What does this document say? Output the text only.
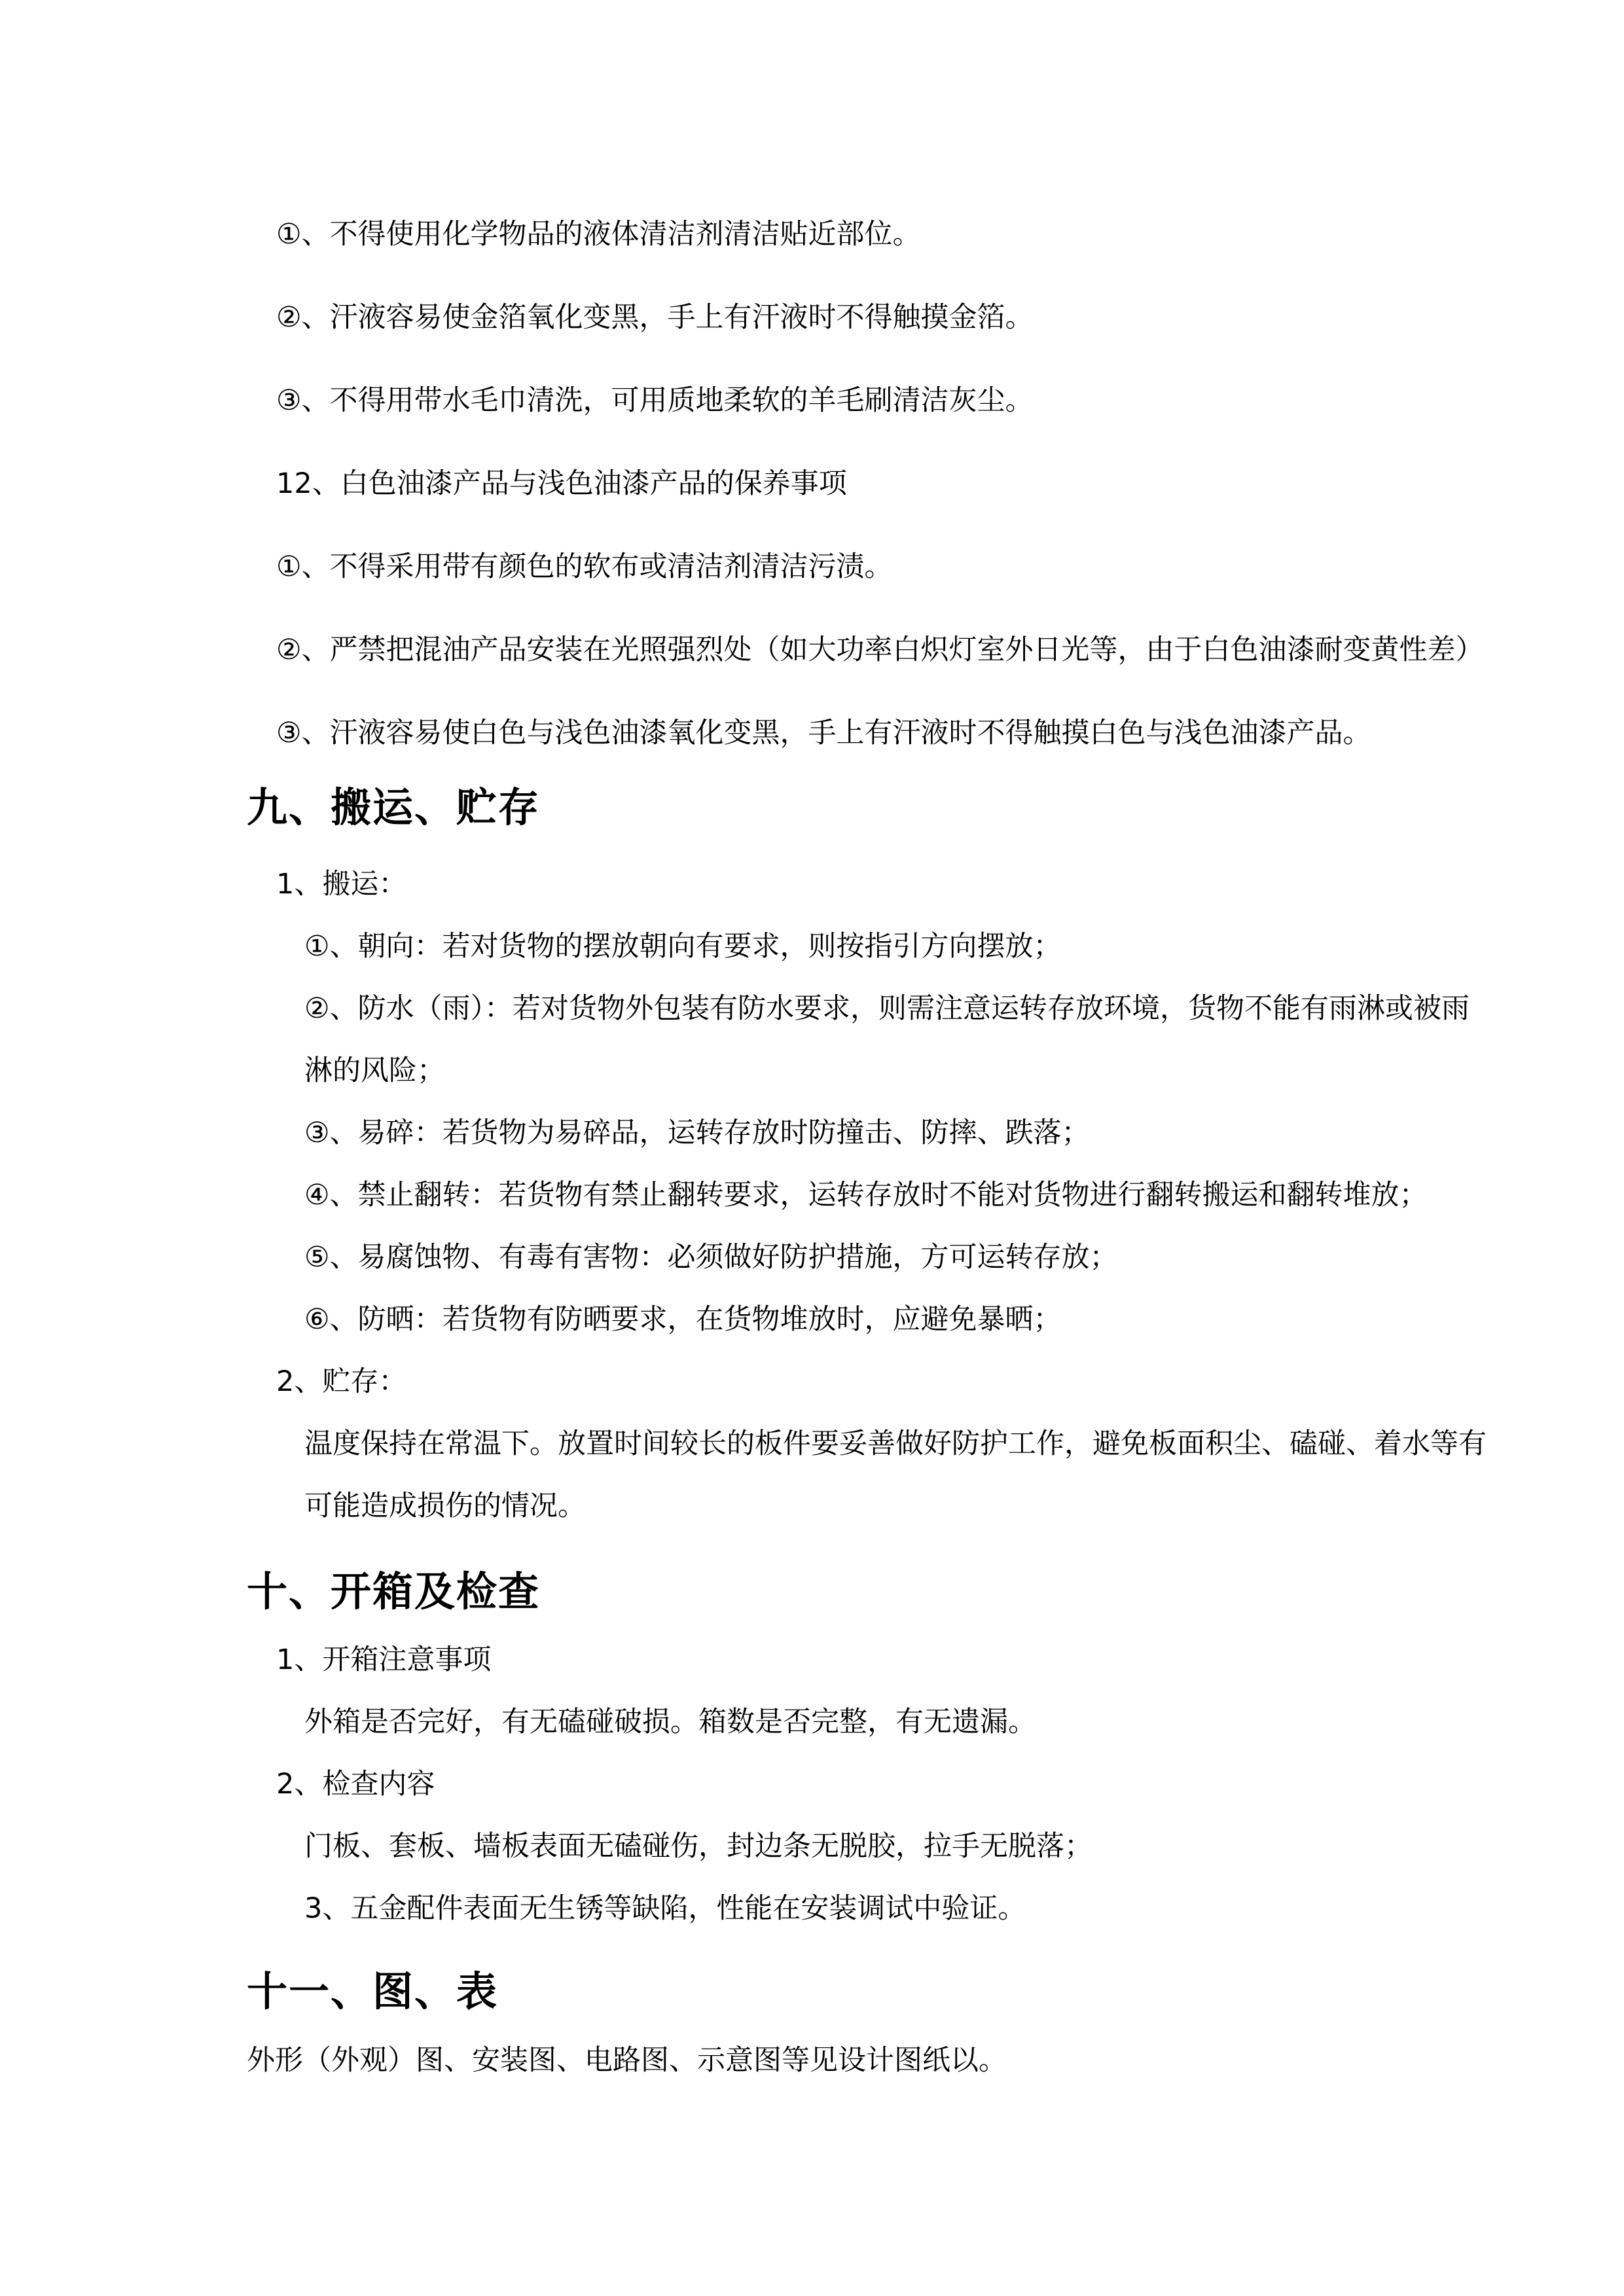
①、不得使用化学物品的液体清洁剂清洁贴近部位。

②、汗液容易使金箔氧化变黑，手上有汗液时不得触摸金箔。

③、不得用带水毛巾清洗，可用质地柔软的羊毛刷清洁灰尘。

12、白色油漆产品与浅色油漆产品的保养事项

①、不得采用带有颜色的软布或清洁剂清洁污渍。

②、严禁把混油产品安装在光照强烈处（如大功率白炽灯室外日光等，由于白色油漆耐变黄性差）

③、汗液容易使白色与浅色油漆氧化变黑，手上有汗液时不得触摸白色与浅色油漆产品。

九、搬运、贮存

1、搬运：

①、朝向：若对货物的摆放朝向有要求，则按指引方向摆放；

②、防水（雨）：若对货物外包装有防水要求，则需注意运转存放环境，货物不能有雨淋或被雨

淋的风险；

③、易碎：若货物为易碎品，运转存放时防撞击、防摔、跌落；

④、禁止翻转：若货物有禁止翻转要求，运转存放时不能对货物进行翻转搬运和翻转堆放；

⑤、易腐蚀物、有毒有害物：必须做好防护措施，方可运转存放；

⑥、防晒：若货物有防晒要求，在货物堆放时，应避免暴晒；

2、贮存：

温度保持在常温下。放置时间较长的板件要妥善做好防护工作，避免板面积尘、磕碰、着水等有

可能造成损伤的情况。

十、开箱及检查

1、开箱注意事项

外箱是否完好，有无磕碰破损。箱数是否完整，有无遗漏。

2、检查内容

门板、套板、墙板表面无磕碰伤，封边条无脱胶，拉手无脱落；

3、五金配件表面无生锈等缺陷，性能在安装调试中验证。

十一、图、表

外形（外观）图、安装图、电路图、示意图等见设计图纸以。
